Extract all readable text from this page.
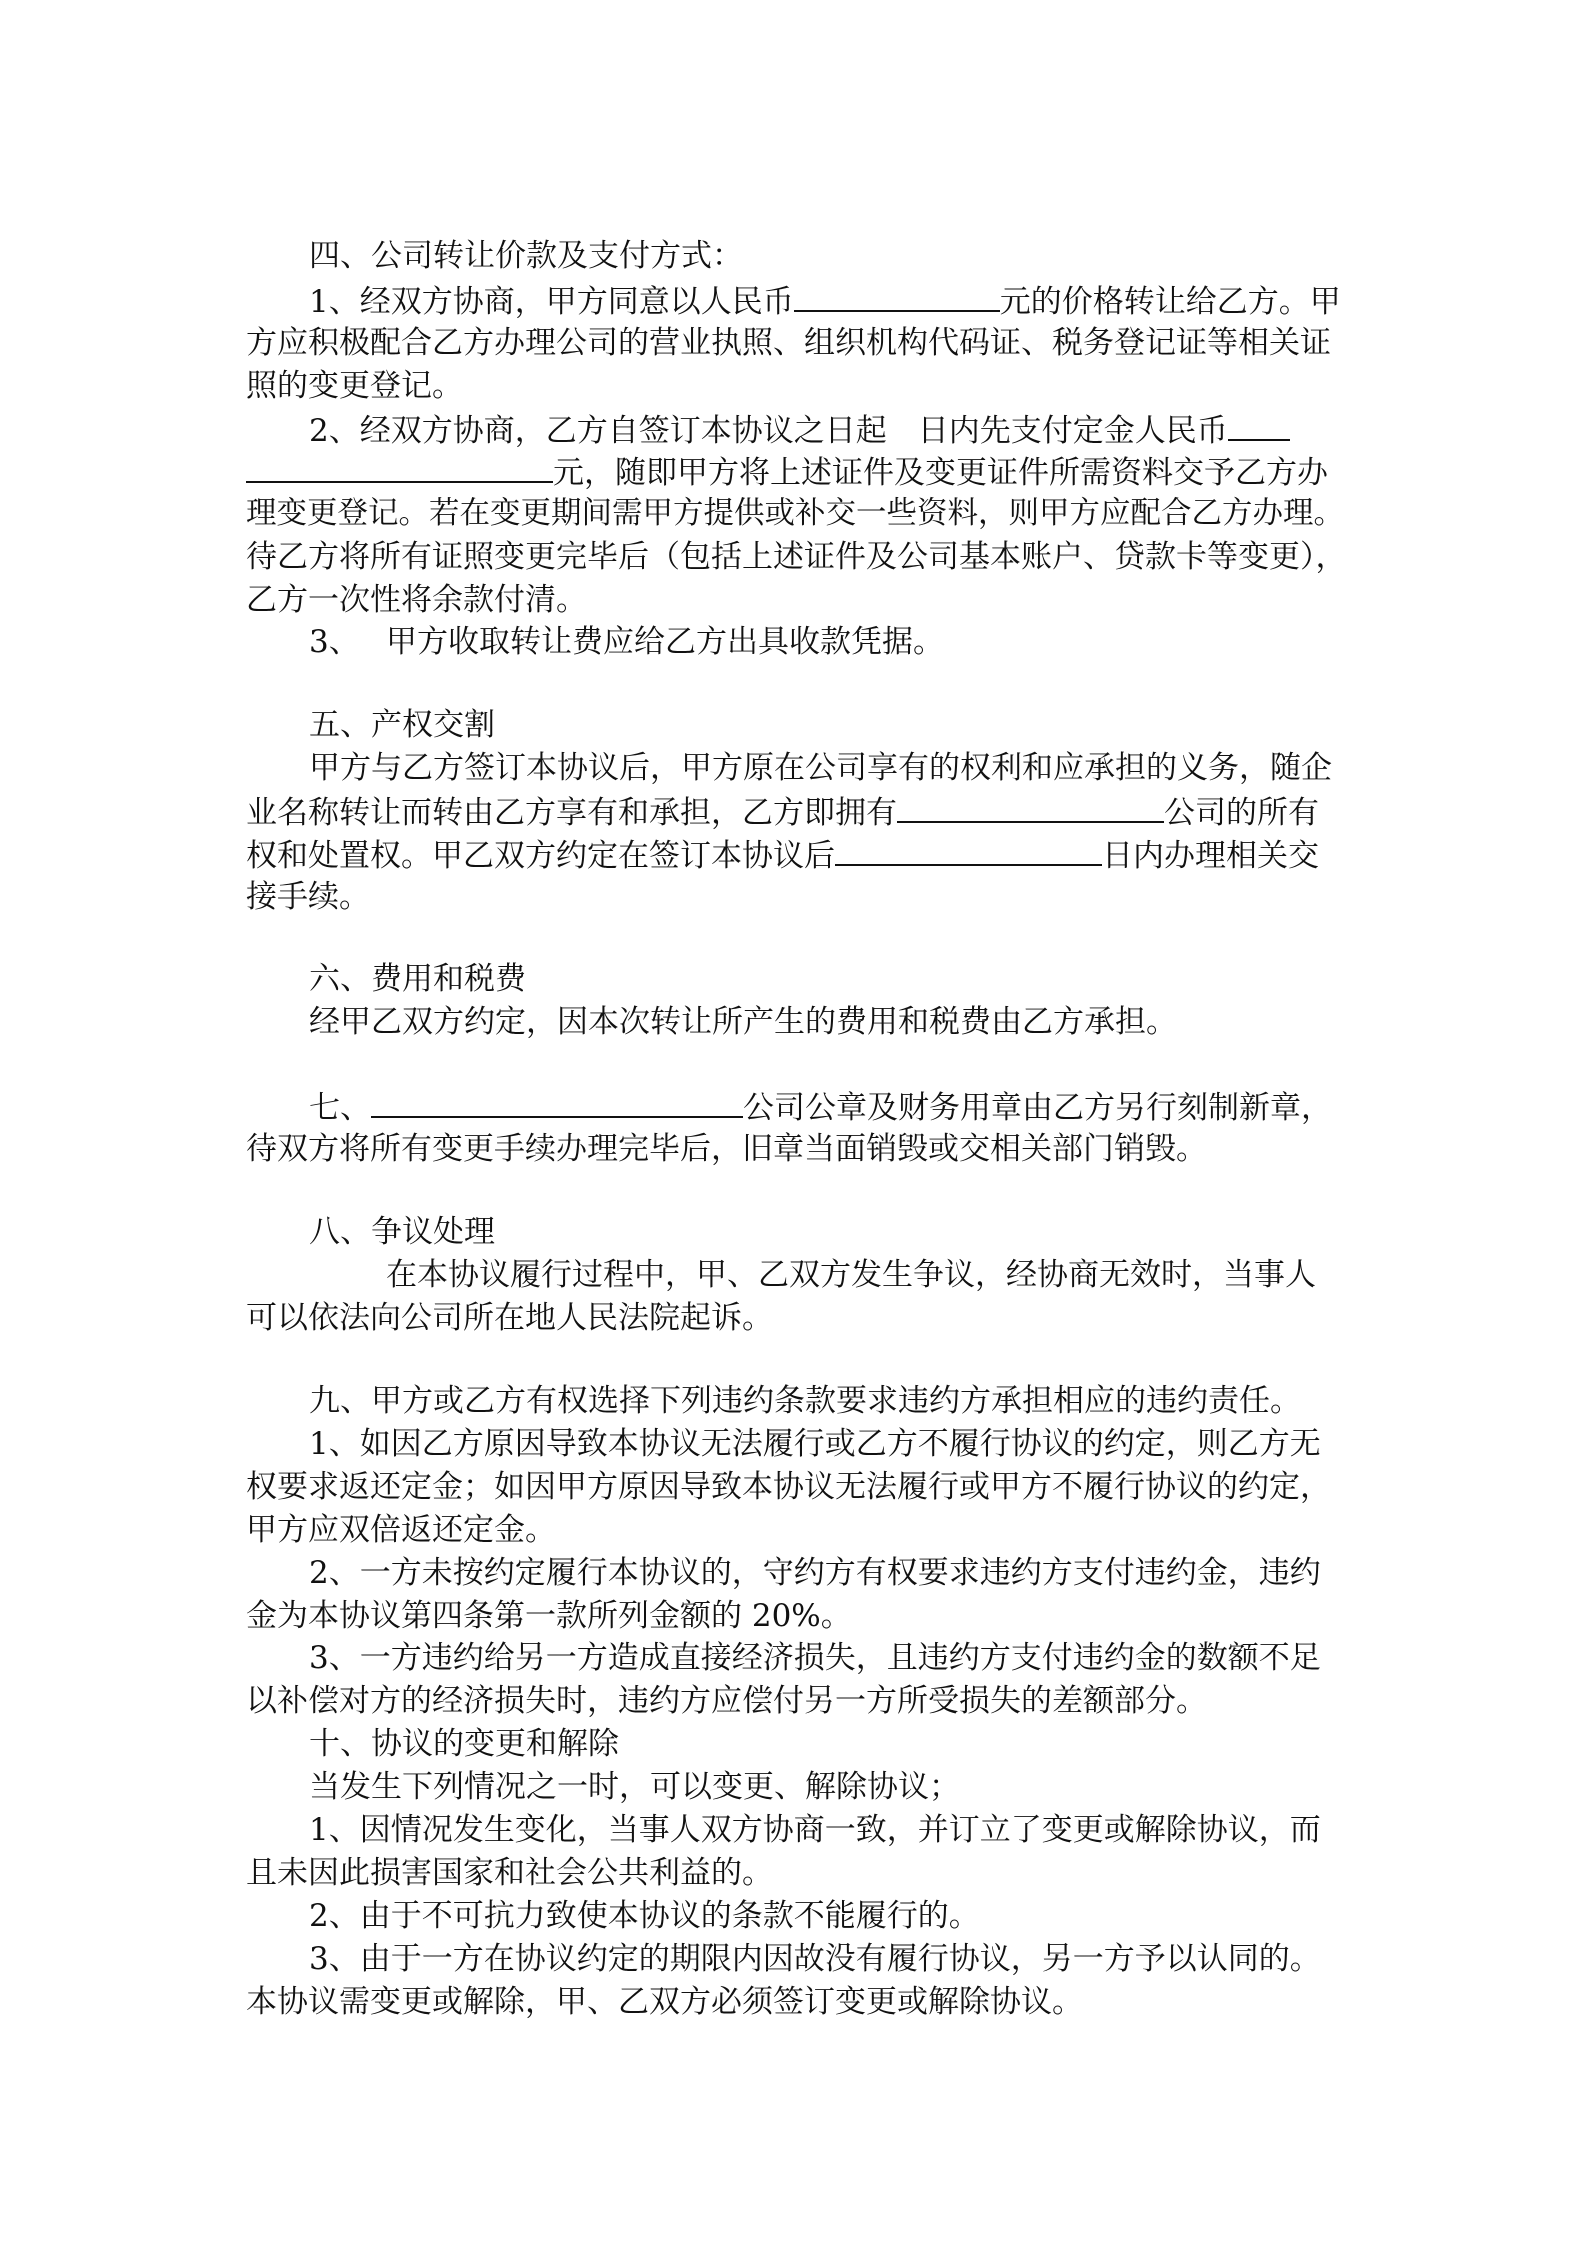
四、公司转让价款及支付方式：
1、经双方协商，甲方同意以人民币	元的价格转让给乙方。甲
方应积极配合乙方办理公司的营业执照、组织机构代码证、税务登记证等相关证
照的变更登记。
2、经双方协商，乙方自签订本协议之日起　日内先支付定金人民币
元，随即甲方将上述证件及变更证件所需资料交予乙方办
理变更登记。若在变更期间需甲方提供或补交一些资料，则甲方应配合乙方办理。
待乙方将所有证照变更完毕后（包括上述证件及公司基本账户、贷款卡等变更），
乙方一次性将余款付清。
3、 甲方收取转让费应给乙方出具收款凭据。
五、产权交割
甲方与乙方签订本协议后，甲方原在公司享有的权利和应承担的义务，随企
业名称转让而转由乙方享有和承担，乙方即拥有	公司的所有
权和处置权。甲乙双方约定在签订本协议后	日内办理相关交
接手续。
六、费用和税费
经甲乙双方约定，因本次转让所产生的费用和税费由乙方承担。
七、	公司公章及财务用章由乙方另行刻制新章，
待双方将所有变更手续办理完毕后，旧章当面销毁或交相关部门销毁。
八、争议处理
在本协议履行过程中，甲、乙双方发生争议，经协商无效时，当事人
可以依法向公司所在地人民法院起诉。
九、甲方或乙方有权选择下列违约条款要求违约方承担相应的违约责任。
1、如因乙方原因导致本协议无法履行或乙方不履行协议的约定，则乙方无
权要求返还定金；如因甲方原因导致本协议无法履行或甲方不履行协议的约定，
甲方应双倍返还定金。
2、一方未按约定履行本协议的，守约方有权要求违约方支付违约金，违约
金为本协议第四条第一款所列金额的 20%。
3、一方违约给另一方造成直接经济损失，且违约方支付违约金的数额不足
以补偿对方的经济损失时，违约方应偿付另一方所受损失的差额部分。
十、协议的变更和解除
当发生下列情况之一时，可以变更、解除协议；
1、因情况发生变化，当事人双方协商一致，并订立了变更或解除协议，而
且未因此损害国家和社会公共利益的。
2、由于不可抗力致使本协议的条款不能履行的。
3、由于一方在协议约定的期限内因故没有履行协议，另一方予以认同的。
本协议需变更或解除，甲、乙双方必须签订变更或解除协议。
